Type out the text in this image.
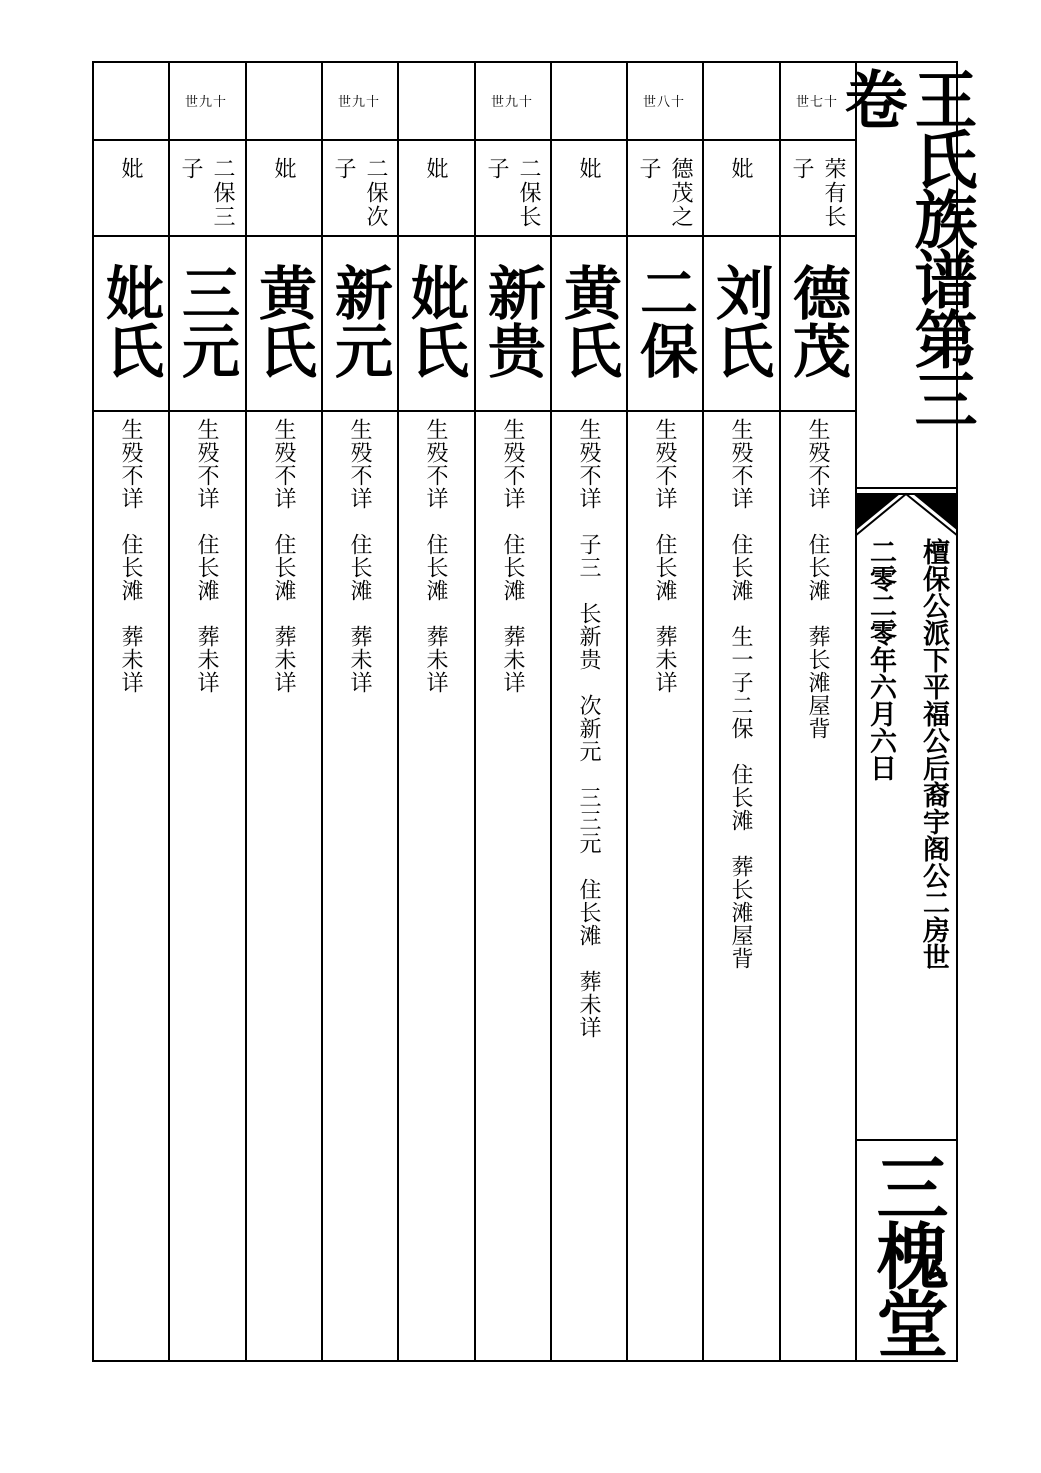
王氏族谱第三卷
檀保公派下平福公后裔宇阁公二房世
二零二零年六月六日
三槐堂
世七十
荣有长子
德茂
生殁不详　住长滩　葬长滩屋背
妣
刘氏
生殁不详　住长滩　生一子二保　住长滩　葬长滩屋背
世八十
德茂之子
二保
生殁不详　住长滩　葬未详
妣
黄氏
生殁不详　子三　长新贵　次新元　三三元　住长滩　葬未详
世九十
二保长子
新贵
生殁不详　住长滩　葬未详
妣
妣氏
生殁不详　住长滩　葬未详
世九十
二保次子
新元
生殁不详　住长滩　葬未详
妣
黄氏
生殁不详　住长滩　葬未详
世九十
二保三子
三元
生殁不详　住长滩　葬未详
妣
妣氏
生殁不详　住长滩　葬未详
